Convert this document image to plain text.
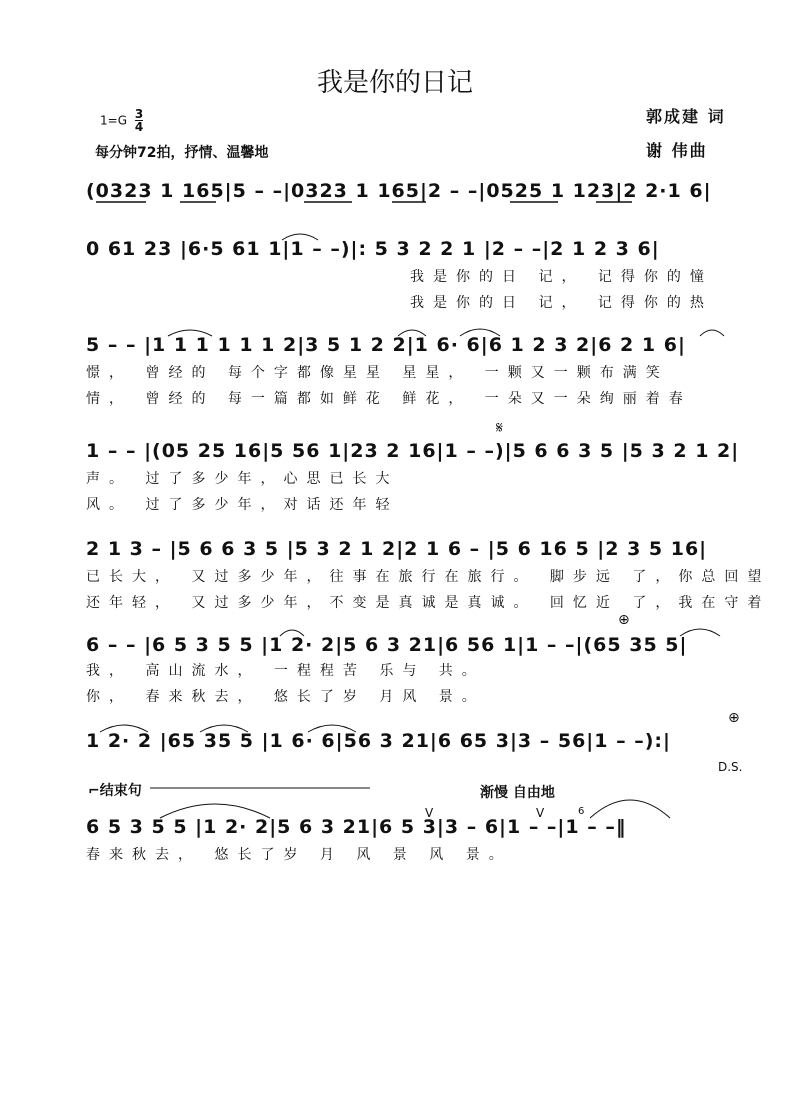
我是你的日记
$1=G \frac{3}{4}$
每分钟72拍，抒情、温馨地
郭成建 词
谢 伟曲
(0323 1 165|5 – –|0323 1 165|2 – –|0525 1 123|2 2·1 6|
0 61 23 |6·5 61 1|1 – –)|: 5 3 2 2 1 |2 – –|2 1 2 3 6|
我是你的日 记， 记得你的憧
我是你的日 记， 记得你的热
5 – – |1 1 1 1 1 1 2|3 5 1 2 2|1 6· 6|6 1 2 3 2|6 2 1 6|
憬， 曾经的 每个字都像星星 星星， 一颗又一颗布满笑
情， 曾经的 每一篇都如鲜花 鲜花， 一朵又一朵绚丽着春
1 – – |(05 25 16|5 56 1|23 2 16|1 – –)|5 6 6 3 5 |5 3 2 1 2|
声。 过了多少年，心思已长大
风。 过了多少年，对话还年轻
2 1 3 – |5 6 6 3 5 |5 3 2 1 2|2 1 6 – |5 6 16 5 |2 3 5 16|
已长大， 又过多少年，往事在旅行在旅行。 脚步远 了，你总回望
还年轻， 又过多少年，不变是真诚是真诚。 回忆近 了，我在守着
6 – – |6 5 3 5 5 |1 2· 2|5 6 3 21|6 56 1|1 – –|(65 35 5|
我， 高山流水， 一程程苦 乐与 共。
你， 春来秋去， 悠长了岁 月风 景。
1 2· 2 |65 35 5 |1 6· 6|56 3 21|6 65 3|3 – 56|1 – –):|
D.S.
⌐结束句	渐慢 自由地
6 5 3 5 5 |1 2· 2|5 6 3 21|6 5 3|3 – 6|1 – –|1 – –‖
春来秋去， 悠长了岁 月 风 景 风 景。
𝄋
⊕
⊕
V	V	6
